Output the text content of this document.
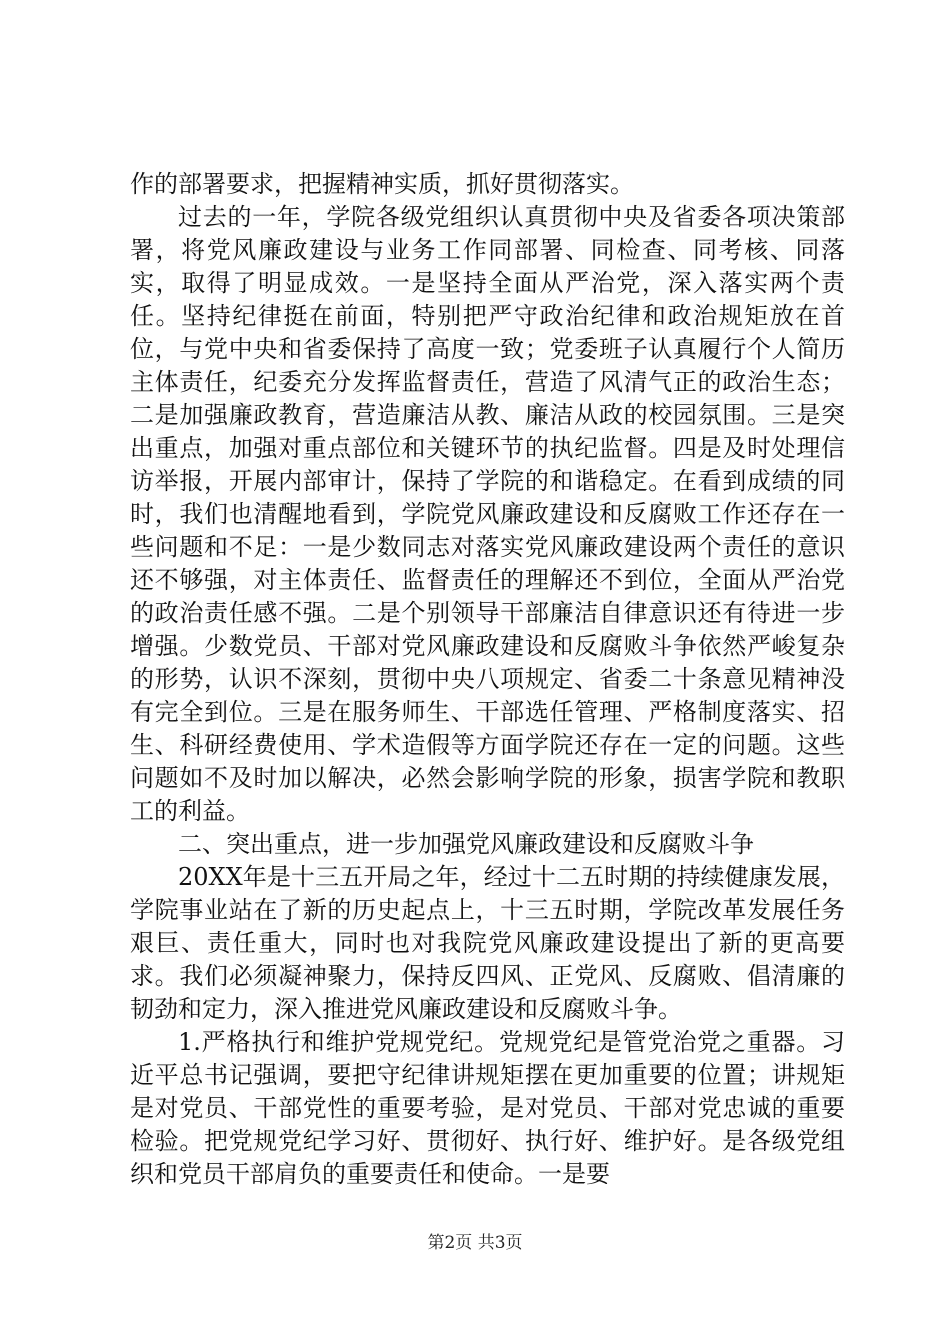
作的部署要求，把握精神实质，抓好贯彻落实。

过去的一年，学院各级党组织认真贯彻中央及省委各项决策部署，将党风廉政建设与业务工作同部署、同检查、同考核、同落实，取得了明显成效。一是坚持全面从严治党，深入落实两个责任。坚持纪律挺在前面，特别把严守政治纪律和政治规矩放在首位，与党中央和省委保持了高度一致；党委班子认真履行个人简历主体责任，纪委充分发挥监督责任，营造了风清气正的政治生态；二是加强廉政教育，营造廉洁从教、廉洁从政的校园氛围。三是突出重点，加强对重点部位和关键环节的执纪监督。四是及时处理信访举报，开展内部审计，保持了学院的和谐稳定。在看到成绩的同时，我们也清醒地看到，学院党风廉政建设和反腐败工作还存在一些问题和不足：一是少数同志对落实党风廉政建设两个责任的意识还不够强，对主体责任、监督责任的理解还不到位，全面从严治党的政治责任感不强。二是个别领导干部廉洁自律意识还有待进一步增强。少数党员、干部对党风廉政建设和反腐败斗争依然严峻复杂的形势，认识不深刻，贯彻中央八项规定、省委二十条意见精神没有完全到位。三是在服务师生、干部选任管理、严格制度落实、招生、科研经费使用、学术造假等方面学院还存在一定的问题。这些问题如不及时加以解决，必然会影响学院的形象，损害学院和教职工的利益。

二、突出重点，进一步加强党风廉政建设和反腐败斗争

20XX年是十三五开局之年，经过十二五时期的持续健康发展，学院事业站在了新的历史起点上，十三五时期，学院改革发展任务艰巨、责任重大，同时也对我院党风廉政建设提出了新的更高要求。我们必须凝神聚力，保持反四风、正党风、反腐败、倡清廉的韧劲和定力，深入推进党风廉政建设和反腐败斗争。

1.严格执行和维护党规党纪。党规党纪是管党治党之重器。习近平总书记强调，要把守纪律讲规矩摆在更加重要的位置；讲规矩是对党员、干部党性的重要考验，是对党员、干部对党忠诚的重要检验。把党规党纪学习好、贯彻好、执行好、维护好。是各级党组织和党员干部肩负的重要责任和使命。一是要

第2页 共3页
